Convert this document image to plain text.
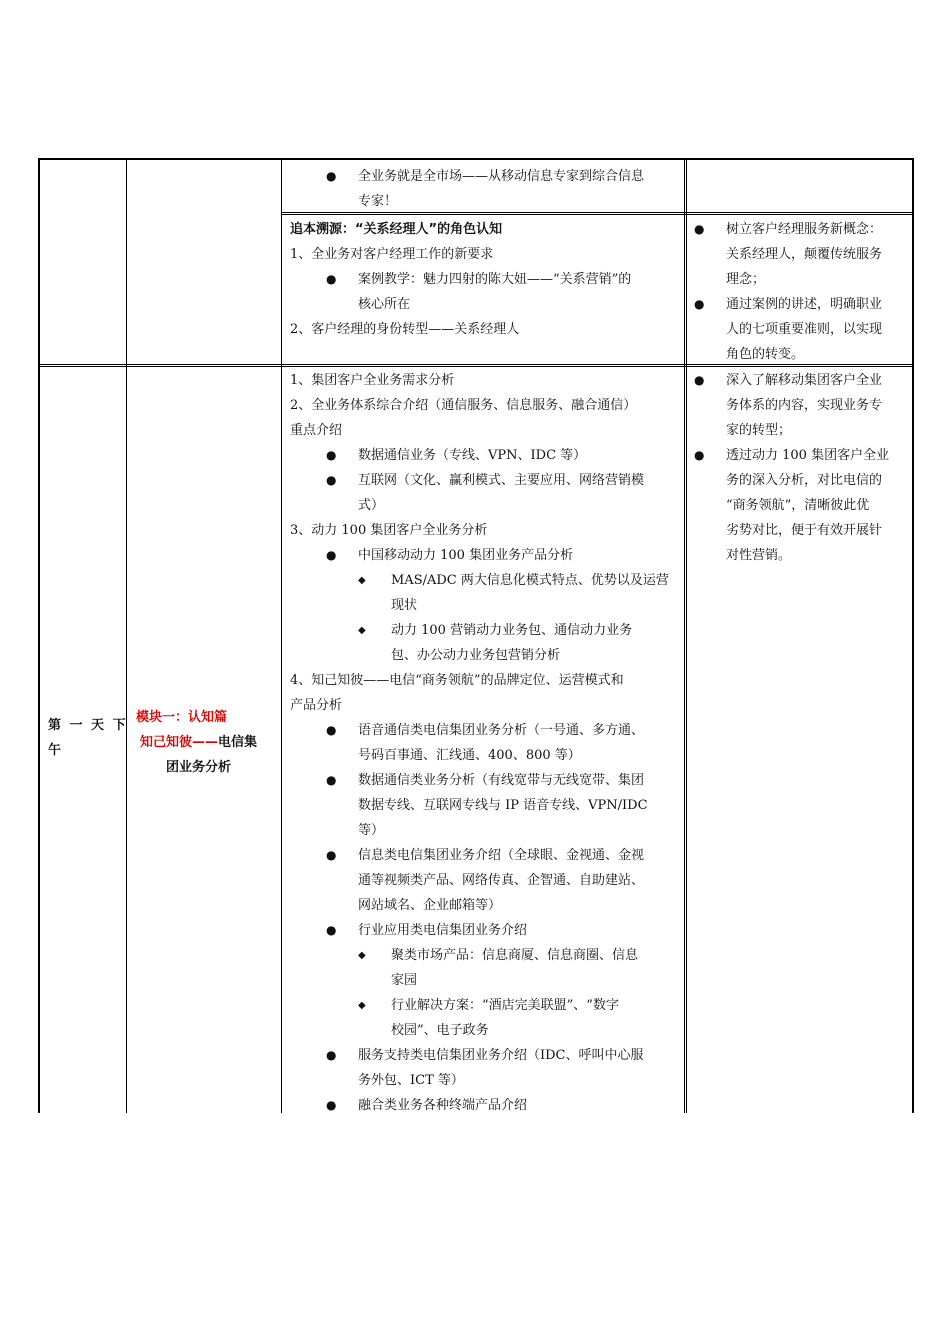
● 全业务就是全市场——从移动信息专家到综合信息
专家！
追本溯源：“关系经理人”的角色认知
1、全业务对客户经理工作的新要求
● 案例教学：魅力四射的陈大妞——“关系营销”的
核心所在
2、客户经理的身份转型——关系经理人
● 树立客户经理服务新概念：
关系经理人，颠覆传统服务
理念；
● 通过案例的讲述，明确职业
人的七项重要准则，以实现
角色的转变。
第 一 天 下
午
模块一：认知篇
知己知彼——电信集
团业务分析
1、集团客户全业务需求分析
2、全业务体系综合介绍（通信服务、信息服务、融合通信）
重点介绍
● 数据通信业务（专线、VPN、IDC 等）
● 互联网（文化、赢利模式、主要应用、网络营销模
式）
3、动力 100 集团客户全业务分析
● 中国移动动力 100 集团业务产品分析
◆ MAS/ADC 两大信息化模式特点、优势以及运营
现状
◆ 动力 100 营销动力业务包、通信动力业务
包、办公动力业务包营销分析
4、知己知彼——电信“商务领航”的品牌定位、运营模式和
产品分析
● 语音通信类电信集团业务分析（一号通、多方通、
号码百事通、汇线通、400、800 等）
● 数据通信类业务分析（有线宽带与无线宽带、集团
数据专线、互联网专线与 IP 语音专线、VPN/IDC
等）
● 信息类电信集团业务介绍（全球眼、金视通、金视
通等视频类产品、网络传真、企智通、自助建站、
网站域名、企业邮箱等）
● 行业应用类电信集团业务介绍
◆ 聚类市场产品：信息商厦、信息商圈、信息
家园
◆ 行业解决方案：“酒店完美联盟”、“数字
校园”、电子政务
● 服务支持类电信集团业务介绍（IDC、呼叫中心服
务外包、ICT 等）
● 融合类业务各种终端产品介绍
● 深入了解移动集团客户全业
务体系的内容，实现业务专
家的转型；
● 透过动力 100 集团客户全业
务的深入分析，对比电信的
“商务领航”，清晰彼此优
劣势对比，便于有效开展针
对性营销。
